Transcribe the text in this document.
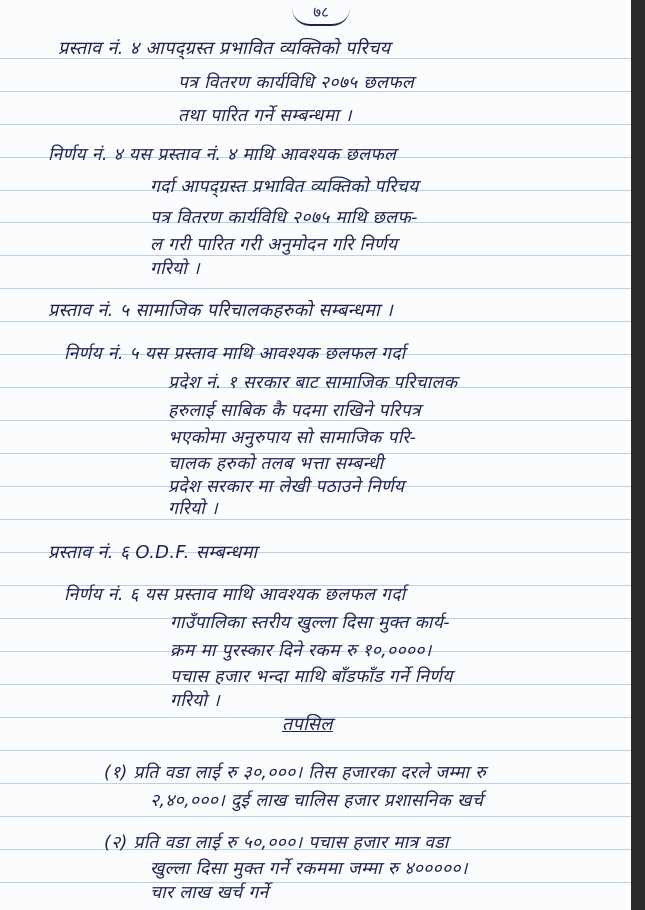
७८
प्रस्ताव नं. ४ आपद्ग्रस्त प्रभावित व्यक्तिको परिचय
पत्र वितरण कार्यविधि २०७५ छलफल
तथा पारित गर्ने सम्बन्धमा ।
निर्णय नं. ४ यस प्रस्ताव नं. ४ माथि आवश्यक छलफल
गर्दा आपद्ग्रस्त प्रभावित व्यक्तिको परिचय
पत्र वितरण कार्यविधि २०७५ माथि छलफ-
ल गरी पारित गरी अनुमोदन गरि निर्णय
गरियो ।
प्रस्ताव नं. ५ सामाजिक परिचालकहरुको सम्बन्धमा ।
निर्णय नं. ५ यस प्रस्ताव माथि आवश्यक छलफल गर्दा
प्रदेश नं. १ सरकार बाट सामाजिक परिचालक
हरुलाई साबिक कै पदमा राखिने परिपत्र
भएकोमा अनुरुपाय सो सामाजिक परि-
चालक हरुको तलब भत्ता सम्बन्धी
प्रदेश सरकार मा लेखी पठाउने निर्णय
गरियो ।
प्रस्ताव नं. ६ O.D.F. सम्बन्धमा
निर्णय नं. ६ यस प्रस्ताव माथि आवश्यक छलफल गर्दा
गाउँपालिका स्तरीय खुल्ला दिसा मुक्त कार्य-
क्रम मा पुरस्कार दिने रकम रु १०,००००।
पचास हजार भन्दा माथि बाँडफाँड गर्ने निर्णय
गरियो ।
तपसिल
(१) प्रति वडा लाई रु ३०,०००। तिस हजारका दरले जम्मा रु
२,४०,०००। दुई लाख चालिस हजार प्रशासनिक खर्च
(२) प्रति वडा लाई रु ५०,०००। पचास हजार मात्र वडा
खुल्ला दिसा मुक्त गर्ने रकममा जम्मा रु ४०००००।
चार लाख खर्च गर्ने
